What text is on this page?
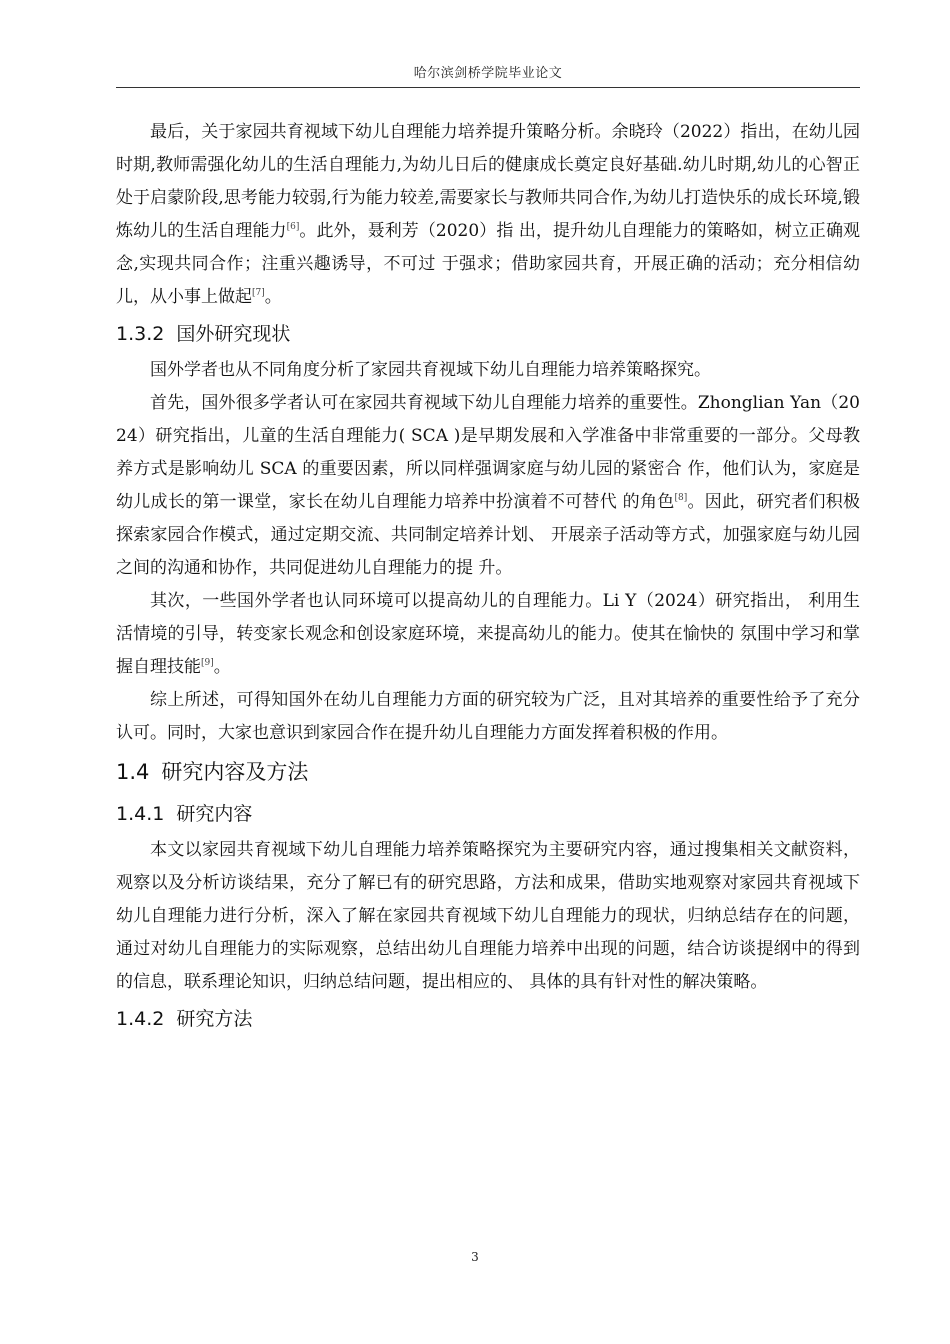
哈尔滨剑桥学院毕业论文

最后，关于家园共育视域下幼儿自理能力培养提升策略分析。余晓玲（2022）指出，在幼儿园时期,教师需强化幼儿的生活自理能力,为幼儿日后的健康成长奠定良好基础.幼儿时期,幼儿的心智正处于启蒙阶段,思考能力较弱,行为能力较差,需要家长与教师共同合作,为幼儿打造快乐的成长环境,锻炼幼儿的生活自理能力[6]。此外，聂利芳（2020）指 出，提升幼儿自理能力的策略如，树立正确观念,实现共同合作；注重兴趣诱导，不可过 于强求；借助家园共育，开展正确的活动；充分相信幼儿，从小事上做起[7]。

1.3.2 国外研究现状

国外学者也从不同角度分析了家园共育视域下幼儿自理能力培养策略探究。

首先，国外很多学者认可在家园共育视域下幼儿自理能力培养的重要性。Zhonglian Yan（2024）研究指出，儿童的生活自理能力( SCA )是早期发展和入学准备中非常重要的一部分。父母教养方式是影响幼儿 SCA 的重要因素，所以同样强调家庭与幼儿园的紧密合 作，他们认为，家庭是幼儿成长的第一课堂，家长在幼儿自理能力培养中扮演着不可替代 的角色[8]。因此，研究者们积极探索家园合作模式，通过定期交流、共同制定培养计划、 开展亲子活动等方式，加强家庭与幼儿园之间的沟通和协作，共同促进幼儿自理能力的提 升。

其次，一些国外学者也认同环境可以提高幼儿的自理能力。Li Y（2024）研究指出， 利用生活情境的引导，转变家长观念和创设家庭环境，来提高幼儿的能力。使其在愉快的 氛围中学习和掌握自理技能[9]。

综上所述，可得知国外在幼儿自理能力方面的研究较为广泛，且对其培养的重要性给予了充分认可。同时，大家也意识到家园合作在提升幼儿自理能力方面发挥着积极的作用。

1.4 研究内容及方法
1.4.1 研究内容

本文以家园共育视域下幼儿自理能力培养策略探究为主要研究内容，通过搜集相关文献资料，观察以及分析访谈结果，充分了解已有的研究思路，方法和成果，借助实地观察对家园共育视域下幼儿自理能力进行分析，深入了解在家园共育视域下幼儿自理能力的现状，归纳总结存在的问题，通过对幼儿自理能力的实际观察，总结出幼儿自理能力培养中出现的问题，结合访谈提纲中的得到的信息，联系理论知识，归纳总结问题，提出相应的、 具体的具有针对性的解决策略。

1.4.2 研究方法
3
